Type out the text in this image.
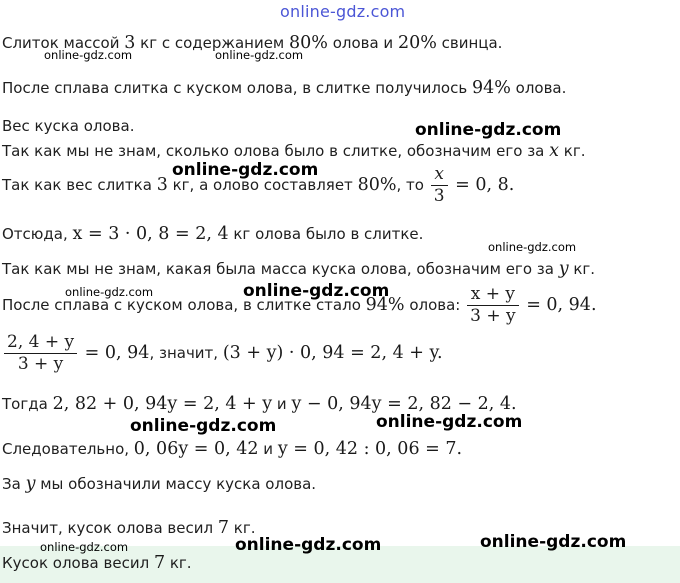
online-gdz.com
Слиток массой 3 кг с содержанием 80% олова и 20% свинца.
После сплава слитка с куском олова, в слитке получилось 94% олова.
Вес куска олова.
Так как мы не знам, сколько олова было в слитке, обозначим его за x кг.
Так как вес слитка 3 кг, а олово составляет 80%, то $\frac{x}{3} = 0$, 8.
Отсюда, x = 3 · 0, 8 = 2, 4 кг олова было в слитке.
Так как мы не знам, какая была масса куска олова, обозначим его за y кг.
После сплава с куском олова, в слитке стало 94% олова: $\frac{x + y}{3 + y} = 0$, 94.
$\frac{2, 4 + y}{3 + y} = 0$, 94, значит, (3 + y) · 0, 94 = 2, 4 + y.
Тогда 2, 82 + 0, 94y = 2, 4 + y и y − 0, 94y = 2, 82 − 2, 4.
Следовательно, 0, 06y = 0, 42 и y = 0, 42 : 0, 06 = 7.
За y мы обозначили массу куска олова.
Значит, кусок олова весил 7 кг.
Кусок олова весил 7 кг.
online-gdz.com	online-gdz.com
online-gdz.com
online-gdz.com
online-gdz.com
online-gdz.com	online-gdz.com
online-gdz.com	online-gdz.com
online-gdz.com	online-gdz.com	online-gdz.com
